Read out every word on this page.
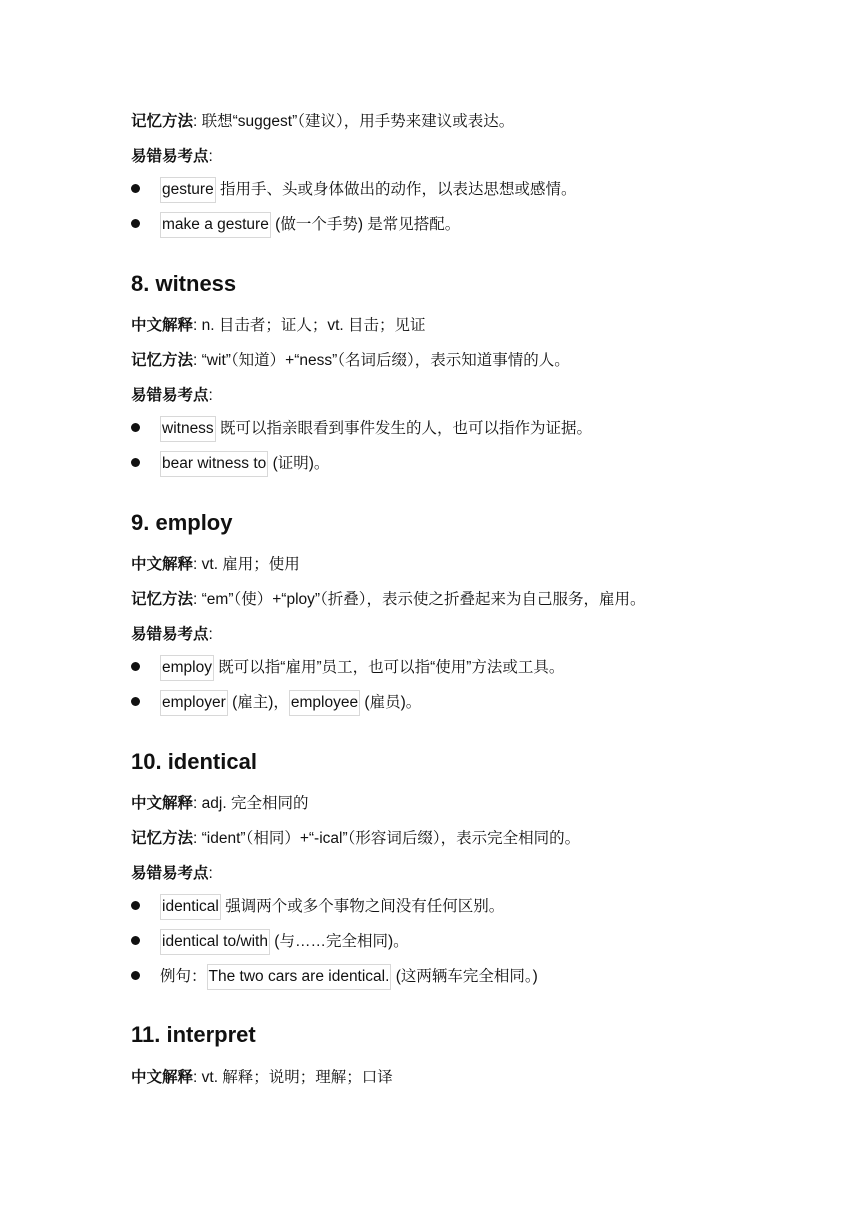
记忆方法: 联想“suggest”（建议），用手势来建议或表达。
易错易考点:
gesture 指用手、头或身体做出的动作，以表达思想或感情。
make a gesture (做一个手势) 是常见搭配。
8. witness
中文解释: n. 目击者；证人；vt. 目击；见证
记忆方法: “wit”（知道）+“ness”（名词后缀），表示知道事情的人。
易错易考点:
witness 既可以指亲眼看到事件发生的人，也可以指作为证据。
bear witness to (证明)。
9. employ
中文解释: vt. 雇用；使用
记忆方法: “em”（使）+“ploy”（折叠），表示使之折叠起来为自己服务，雇用。
易错易考点:
employ 既可以指“雇用”员工，也可以指“使用”方法或工具。
employer (雇主)， employee (雇员)。
10. identical
中文解释: adj. 完全相同的
记忆方法: “ident”（相同）+“-ical”（形容词后缀），表示完全相同的。
易错易考点:
identical 强调两个或多个事物之间没有任何区别。
identical to/with (与……完全相同)。
例句： The two cars are identical. (这两辆车完全相同。)
11. interpret
中文解释: vt. 解释；说明；理解；口译
